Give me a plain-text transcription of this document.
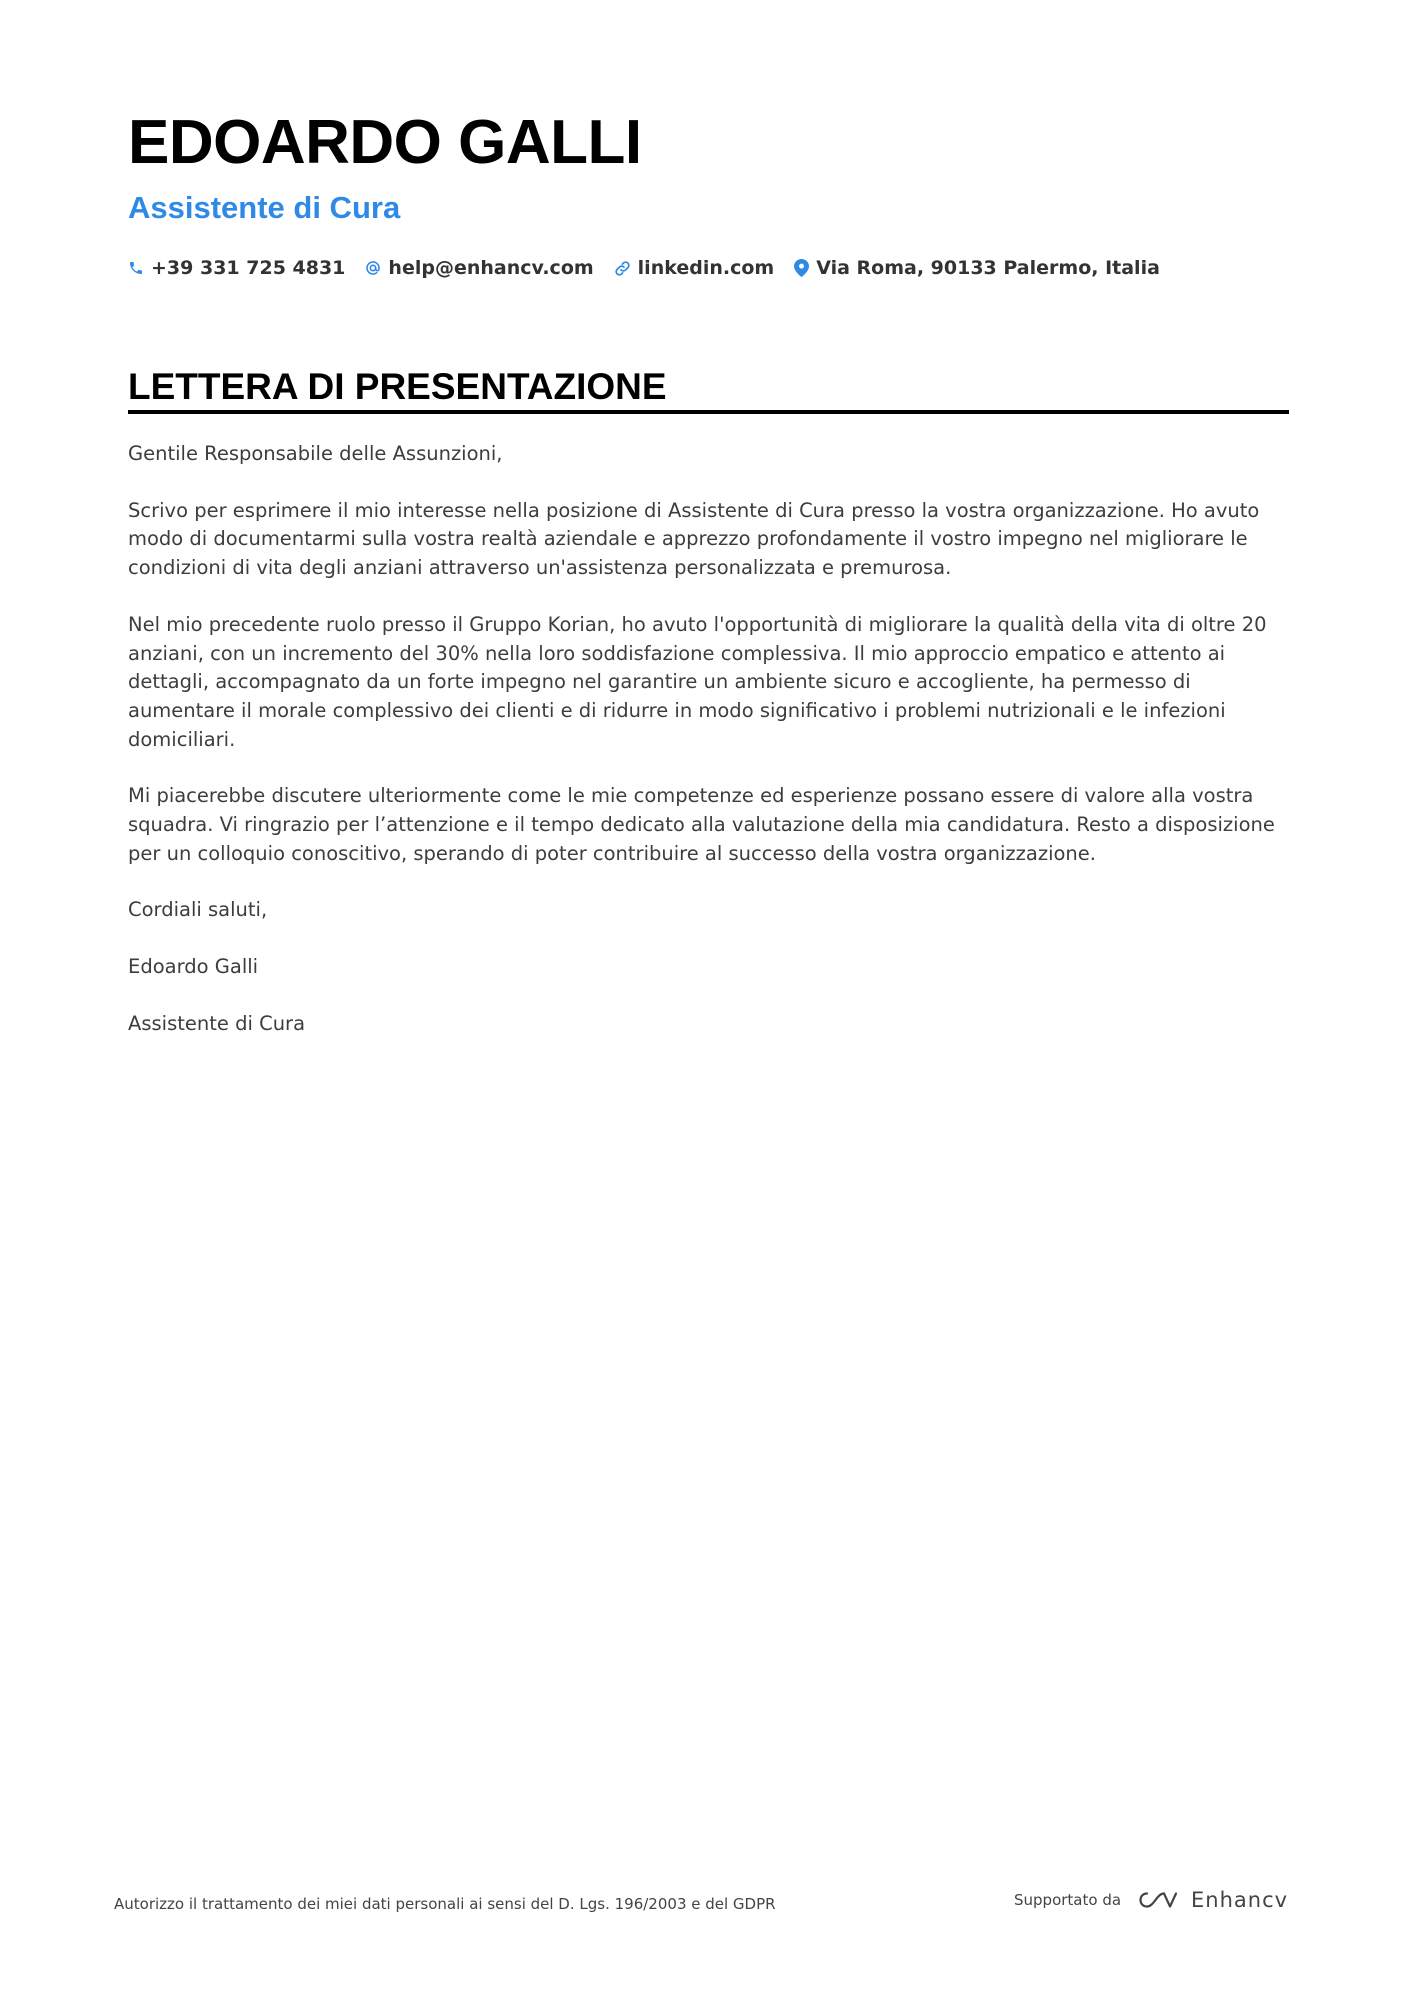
EDOARDO GALLI
Assistente di Cura
+39 331 725 4831 help@enhancv.com linkedin.com Via Roma, 90133 Palermo, Italia
LETTERA DI PRESENTAZIONE

Gentile Responsabile delle Assunzioni,

Scrivo per esprimere il mio interesse nella posizione di Assistente di Cura presso la vostra organizzazione. Ho avuto modo di documentarmi sulla vostra realtà aziendale e apprezzo profondamente il vostro impegno nel migliorare le condizioni di vita degli anziani attraverso un'assistenza personalizzata e premurosa.

Nel mio precedente ruolo presso il Gruppo Korian, ho avuto l'opportunità di migliorare la qualità della vita di oltre 20 anziani, con un incremento del 30% nella loro soddisfazione complessiva. Il mio approccio empatico e attento ai dettagli, accompagnato da un forte impegno nel garantire un ambiente sicuro e accogliente, ha permesso di aumentare il morale complessivo dei clienti e di ridurre in modo significativo i problemi nutrizionali e le infezioni domiciliari.

Mi piacerebbe discutere ulteriormente come le mie competenze ed esperienze possano essere di valore alla vostra squadra. Vi ringrazio per l’attenzione e il tempo dedicato alla valutazione della mia candidatura. Resto a disposizione per un colloquio conoscitivo, sperando di poter contribuire al successo della vostra organizzazione.

Cordiali saluti,

Edoardo Galli

Assistente di Cura

Autorizzo il trattamento dei miei dati personali ai sensi del D. Lgs. 196/2003 e del GDPR	Supportato da	Enhancv
